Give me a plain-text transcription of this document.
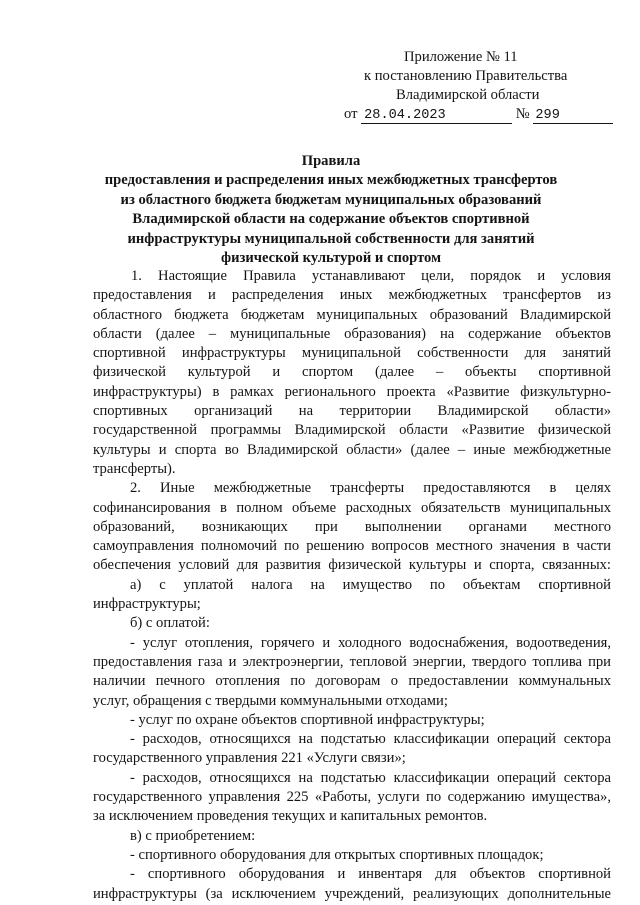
Приложение № 11
к постановлению Правительства
Владимирской области
от 28.04.2023	№ 299
Правила
предоставления и распределения иных межбюджетных трансфертов
из областного бюджета бюджетам муниципальных образований
Владимирской области на содержание объектов спортивной
инфраструктуры муниципальной собственности для занятий
физической культурой и спортом
1. Настоящие Правила устанавливают цели, порядок и условия
предоставления и распределения иных межбюджетных трансфертов из
областного бюджета бюджетам муниципальных образований Владимирской
области (далее – муниципальные образования) на содержание объектов
спортивной инфраструктуры муниципальной собственности для занятий
физической культурой и спортом (далее – объекты спортивной
инфраструктуры) в рамках регионального проекта «Развитие физкультурно-
спортивных организаций на территории Владимирской области»
государственной программы Владимирской области «Развитие физической
культуры и спорта во Владимирской области» (далее – иные межбюджетные
трансферты).
2. Иные межбюджетные трансферты предоставляются в целях
софинансирования в полном объеме расходных обязательств муниципальных
образований, возникающих при выполнении органами местного
самоуправления полномочий по решению вопросов местного значения в части
обеспечения условий для развития физической культуры и спорта, связанных:
а) с уплатой налога на имущество по объектам спортивной
инфраструктуры;
б) с оплатой:
- услуг отопления, горячего и холодного водоснабжения, водоотведения,
предоставления газа и электроэнергии, тепловой энергии, твердого топлива при
наличии печного отопления по договорам о предоставлении коммунальных
услуг, обращения с твердыми коммунальными отходами;
- услуг по охране объектов спортивной инфраструктуры;
- расходов, относящихся на подстатью классификации операций сектора
государственного управления 221 «Услуги связи»;
- расходов, относящихся на подстатью классификации операций сектора
государственного управления 225 «Работы, услуги по содержанию имущества»,
за исключением проведения текущих и капитальных ремонтов.
в) с приобретением:
- спортивного оборудования для открытых спортивных площадок;
- спортивного оборудования и инвентаря для объектов спортивной
инфраструктуры (за исключением учреждений, реализующих дополнительные
